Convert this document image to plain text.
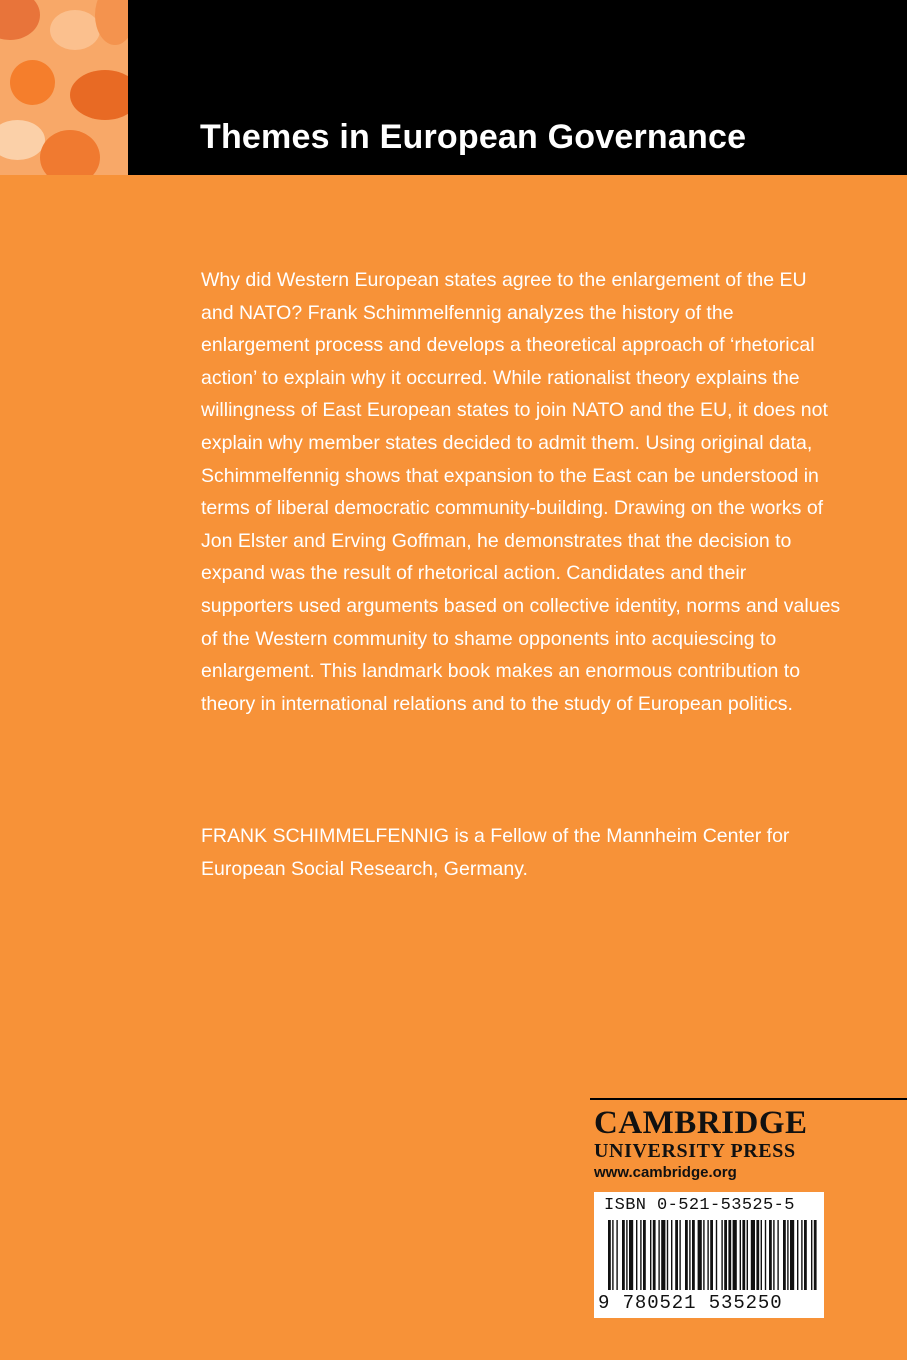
Themes in European Governance

Why did Western European states agree to the enlargement of the EU and NATO? Frank Schimmelfennig analyzes the history of the enlargement process and develops a theoretical approach of ‘rhetorical action’ to explain why it occurred. While rationalist theory explains the willingness of East European states to join NATO and the EU, it does not explain why member states decided to admit them. Using original data, Schimmelfennig shows that expansion to the East can be understood in terms of liberal democratic community-building. Drawing on the works of Jon Elster and Erving Goffman, he demonstrates that the decision to expand was the result of rhetorical action. Candidates and their supporters used arguments based on collective identity, norms and values of the Western community to shame opponents into acquiescing to enlargement. This landmark book makes an enormous contribution to theory in international relations and to the study of European politics.

FRANK SCHIMMELFENNIG is a Fellow of the Mannheim Center for European Social Research, Germany.

CAMBRIDGE
UNIVERSITY PRESS
www.cambridge.org
ISBN 0-521-53525-5
9 780521 535250
